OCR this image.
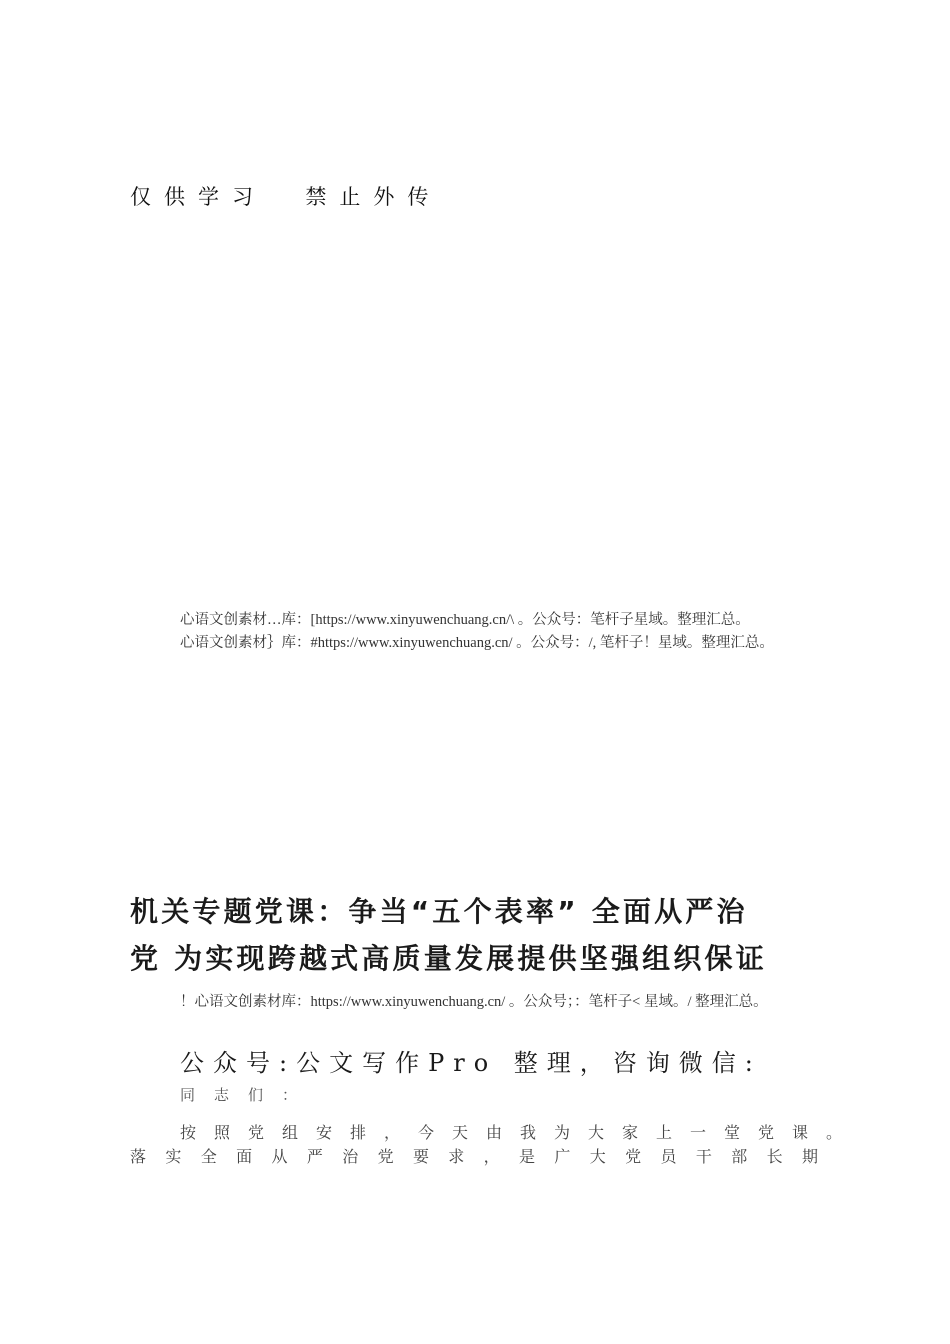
仅供学习  禁止外传

心语文创素材…库：[https://www.xinyuwenchuang.cn/\ 。公众号：笔杆子星域。整理汇总。

心语文创素材｝库：#https://www.xinyuwenchuang.cn/ 。公众号：/, 笔杆子！星域。整理汇总。

机关专题党课：争当“五个表率” 全面从严治
党 为实现跨越式高质量发展提供坚强组织保证

！心语文创素材库：https://www.xinyuwenchuang.cn/ 。公众号；：笔杆子< 星域。/ 整理汇总。

公众号:公文写作Pro 整理，咨询微信:
同志们：
按照党组安排，今天由我为大家上一堂党课。
落实全面从严治党要求，是广大党员干部长期
